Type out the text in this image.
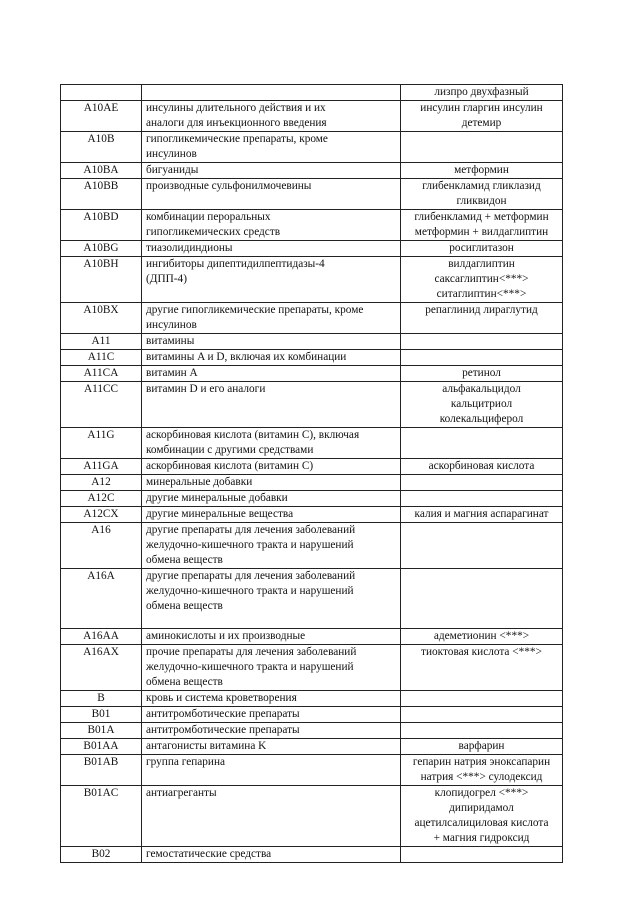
		лизпро двухфазный

A10AE	инсулины длительного действия и их
аналоги для инъекционного введения	инсулин гларгин инсулин
детемир

A10B	гипогликемические препараты, кроме
инсулинов	

A10BA	бигуаниды	метформин

A10BB	производные сульфонилмочевины	глибенкламид гликлазид
гликвидон

A10BD	комбинации пероральных
гипогликемических средств	глибенкламид + метформин
метформин + вилдаглиптин

A10BG	тиазолидиндионы	росиглитазон

A10BH	ингибиторы дипептидилпептидазы-4
(ДПП-4)	вилдаглиптин
саксаглиптин<***>
ситаглиптин<***>

A10BX	другие гипогликемические препараты, кроме
инсулинов	репаглинид лираглутид

A11	витамины	

A11C	витамины A и D, включая их комбинации	

A11CA	витамин A	ретинол

A11CC	витамин D и его аналоги	альфакальцидол
кальцитриол
колекальциферол

A11G	аскорбиновая кислота (витамин C), включая
комбинации с другими средствами	

A11GA	аскорбиновая кислота (витамин C)	аскорбиновая кислота

A12	минеральные добавки	

A12C	другие минеральные добавки	

A12CX	другие минеральные вещества	калия и магния аспарагинат

A16	другие препараты для лечения заболеваний
желудочно-кишечного тракта и нарушений
обмена веществ	

A16A	другие препараты для лечения заболеваний
желудочно-кишечного тракта и нарушений
обмена веществ	

A16AA	аминокислоты и их производные	адеметионин <***>

A16AX	прочие препараты для лечения заболеваний
желудочно-кишечного тракта и нарушений
обмена веществ	тиоктовая кислота <***>

B	кровь и система кроветворения	

B01	антитромботические препараты	

B01A	антитромботические препараты	

B01AA	антагонисты витамина K	варфарин

B01AB	группа гепарина	гепарин натрия эноксапарин
натрия <***> сулодексид

B01AC	антиагреганты	клопидогрел <***>
дипиридамол
ацетилсалициловая кислота
+ магния гидроксид

B02	гемостатические средства	
